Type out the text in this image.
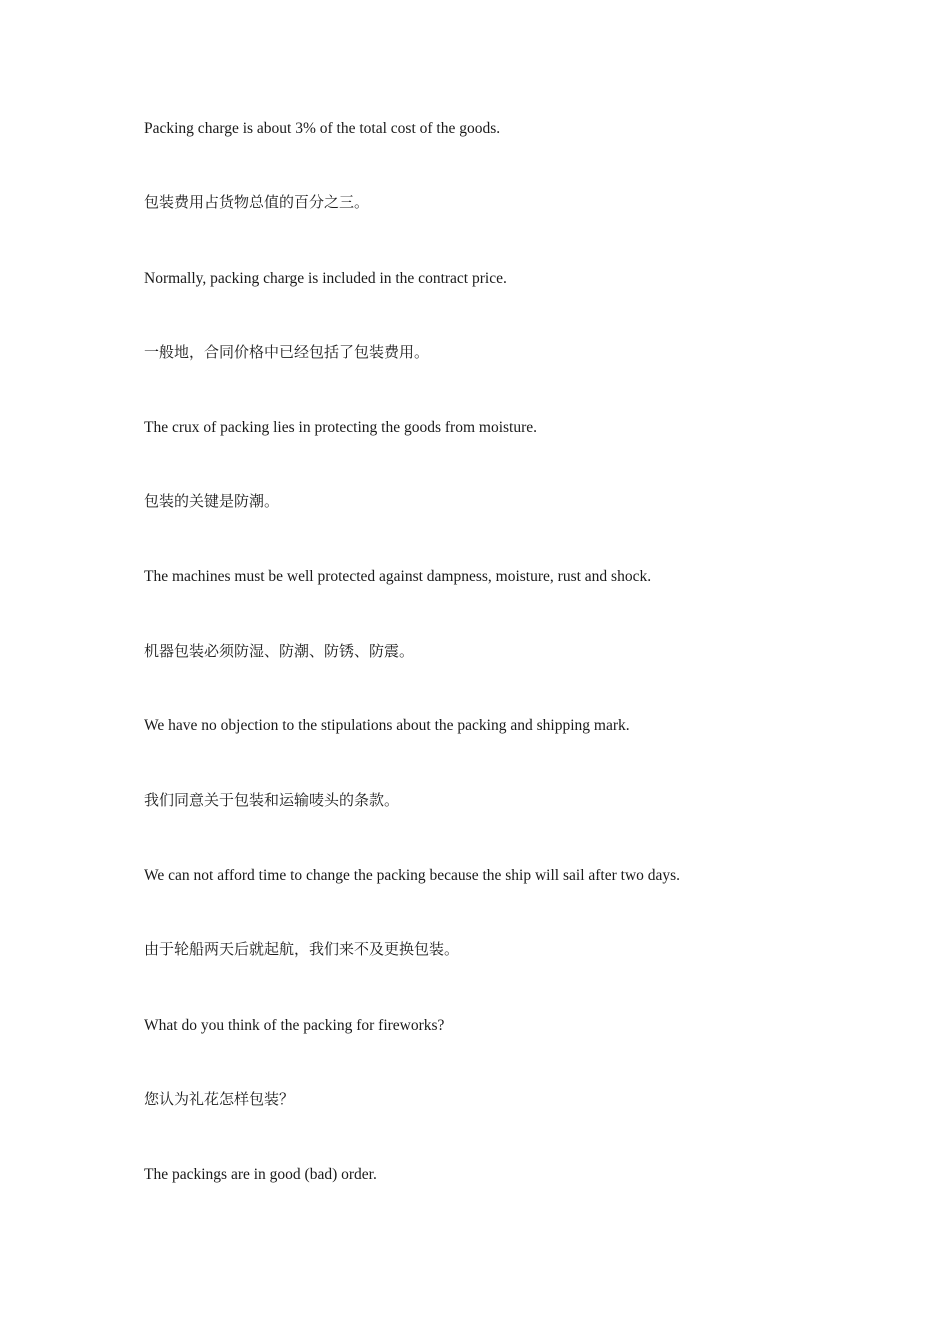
Packing charge is about 3% of the total cost of the goods.

包装费用占货物总值的百分之三。

Normally, packing charge is included in the contract price.

一般地，合同价格中已经包括了包装费用。

The crux of packing lies in protecting the goods from moisture.

包装的关键是防潮。

The machines must be well protected against dampness, moisture, rust and shock.

机器包装必须防湿、防潮、防锈、防震。

We have no objection to the stipulations about the packing and shipping mark.

我们同意关于包装和运输唛头的条款。

We can not afford time to change the packing because the ship will sail after two days.

由于轮船两天后就起航，我们来不及更换包装。

What do you think of the packing for fireworks?

您认为礼花怎样包装？

The packings are in good (bad) order.
